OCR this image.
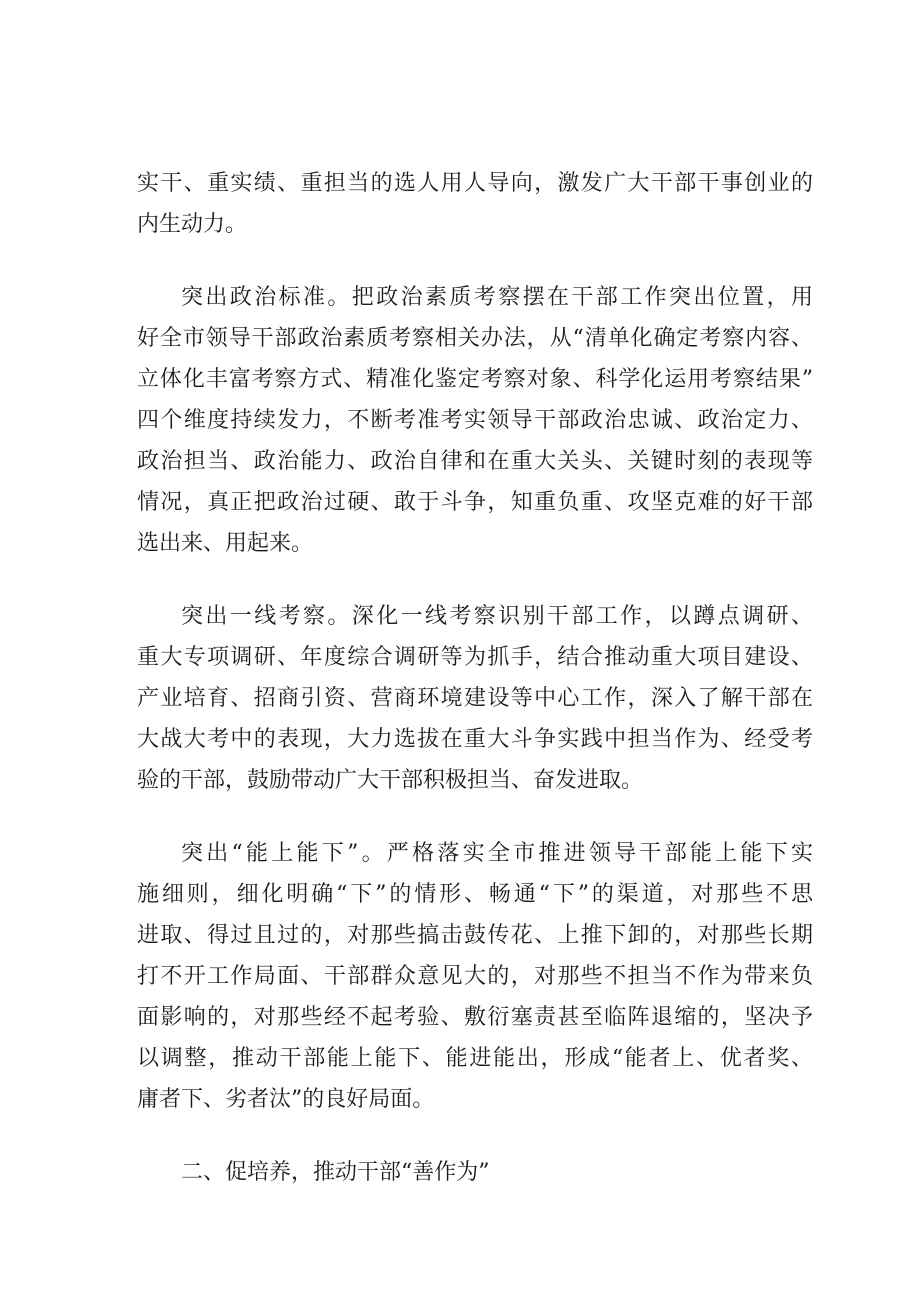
实干、重实绩、重担当的选人用人导向，激发广大干部干事创业的
内生动力。
突出政治标准。把政治素质考察摆在干部工作突出位置，用
好全市领导干部政治素质考察相关办法，从“清单化确定考察内容、
立体化丰富考察方式、精准化鉴定考察对象、科学化运用考察结果”
四个维度持续发力，不断考准考实领导干部政治忠诚、政治定力、
政治担当、政治能力、政治自律和在重大关头、关键时刻的表现等
情况，真正把政治过硬、敢于斗争，知重负重、攻坚克难的好干部
选出来、用起来。
突出一线考察。深化一线考察识别干部工作，以蹲点调研、
重大专项调研、年度综合调研等为抓手，结合推动重大项目建设、
产业培育、招商引资、营商环境建设等中心工作，深入了解干部在
大战大考中的表现，大力选拔在重大斗争实践中担当作为、经受考
验的干部，鼓励带动广大干部积极担当、奋发进取。
突出“能上能下”。严格落实全市推进领导干部能上能下实
施细则，细化明确“下”的情形、畅通“下”的渠道，对那些不思
进取、得过且过的，对那些搞击鼓传花、上推下卸的，对那些长期
打不开工作局面、干部群众意见大的，对那些不担当不作为带来负
面影响的，对那些经不起考验、敷衍塞责甚至临阵退缩的，坚决予
以调整，推动干部能上能下、能进能出，形成“能者上、优者奖、
庸者下、劣者汰”的良好局面。
二、促培养，推动干部“善作为”
